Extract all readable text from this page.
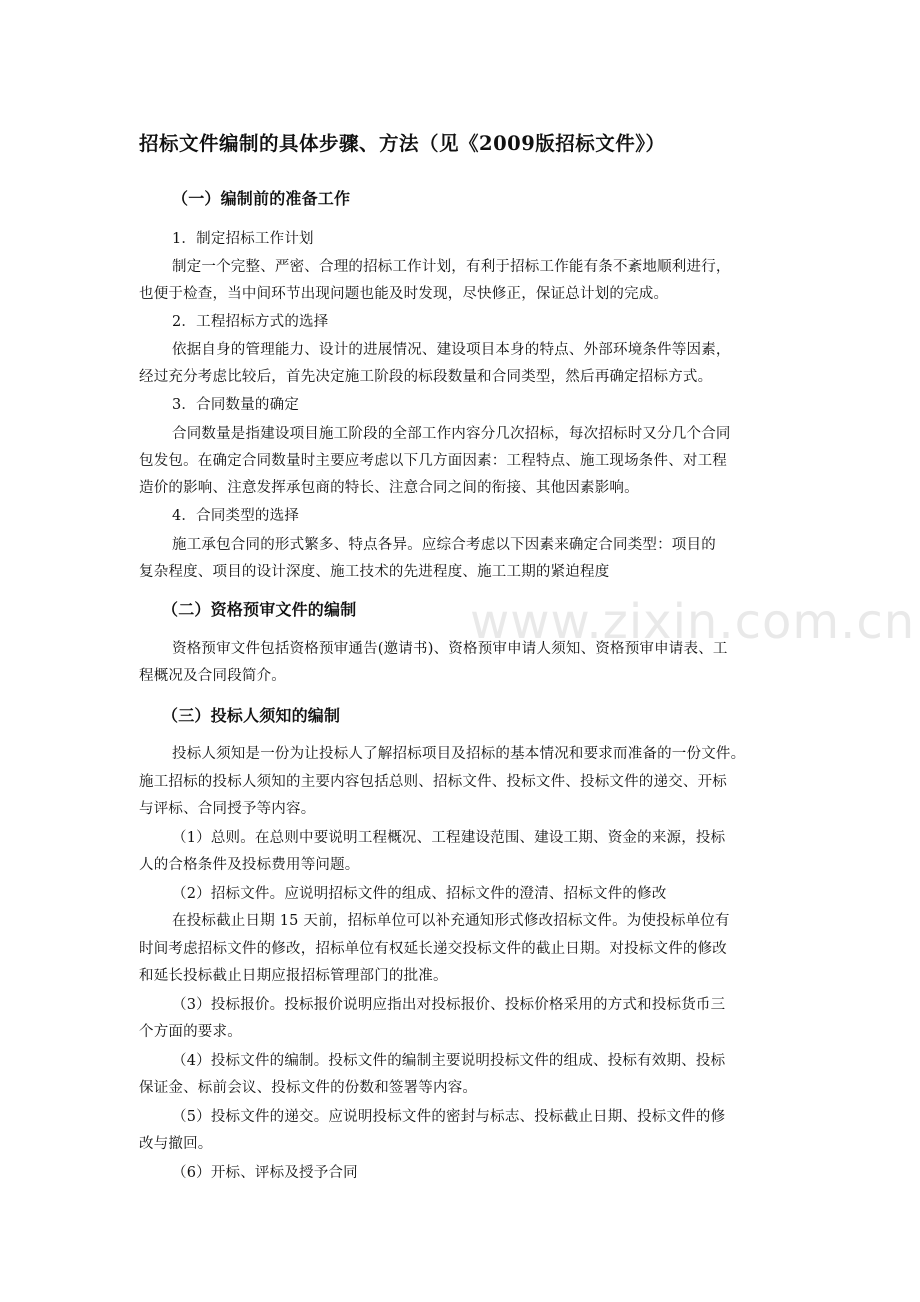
www.zixin.com.cn
招标文件编制的具体步骤、方法（见《2009版招标文件》）
（一）编制前的准备工作
1．制定招标工作计划
制定一个完整、严密、合理的招标工作计划，有利于招标工作能有条不紊地顺利进行，
也便于检查，当中间环节出现问题也能及时发现，尽快修正，保证总计划的完成。
2．工程招标方式的选择
依据自身的管理能力、设计的进展情况、建设项目本身的特点、外部环境条件等因素，
经过充分考虑比较后，首先决定施工阶段的标段数量和合同类型，然后再确定招标方式。
3．合同数量的确定
合同数量是指建设项目施工阶段的全部工作内容分几次招标，每次招标时又分几个合同
包发包。在确定合同数量时主要应考虑以下几方面因素：工程特点、施工现场条件、对工程
造价的影响、注意发挥承包商的特长、注意合同之间的衔接、其他因素影响。
4．合同类型的选择
施工承包合同的形式繁多、特点各异。应综合考虑以下因素来确定合同类型：项目的
复杂程度、项目的设计深度、施工技术的先进程度、施工工期的紧迫程度
（二）资格预审文件的编制
资格预审文件包括资格预审通告(邀请书)、资格预审申请人须知、资格预审申请表、工
程概况及合同段简介。
（三）投标人须知的编制
投标人须知是一份为让投标人了解招标项目及招标的基本情况和要求而准备的一份文件。
施工招标的投标人须知的主要内容包括总则、招标文件、投标文件、投标文件的递交、开标
与评标、合同授予等内容。
（1）总则。在总则中要说明工程概况、工程建设范围、建设工期、资金的来源，投标
人的合格条件及投标费用等问题。
（2）招标文件。应说明招标文件的组成、招标文件的澄清、招标文件的修改
在投标截止日期 15 天前，招标单位可以补充通知形式修改招标文件。为使投标单位有
时间考虑招标文件的修改，招标单位有权延长递交投标文件的截止日期。对投标文件的修改
和延长投标截止日期应报招标管理部门的批准。
（3）投标报价。投标报价说明应指出对投标报价、投标价格采用的方式和投标货币三
个方面的要求。
（4）投标文件的编制。投标文件的编制主要说明投标文件的组成、投标有效期、投标
保证金、标前会议、投标文件的份数和签署等内容。
（5）投标文件的递交。应说明投标文件的密封与标志、投标截止日期、投标文件的修
改与撤回。
（6）开标、评标及授予合同
